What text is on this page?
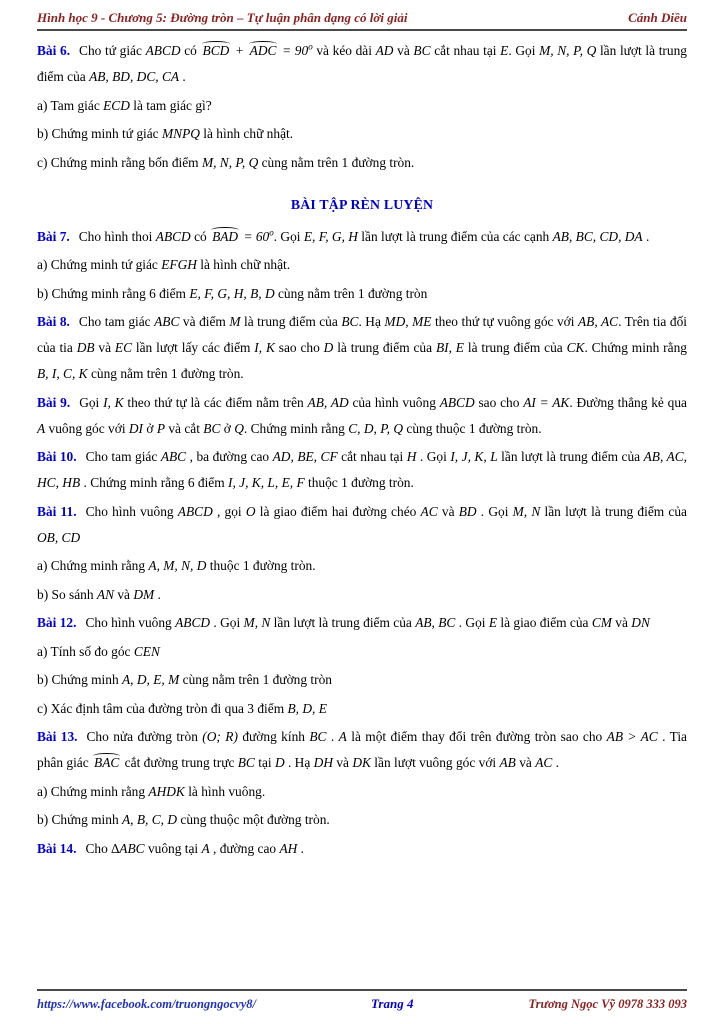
Hình học 9 - Chương 5: Đường tròn – Tự luận phân dạng có lời giải	Cánh Diều

Bài 6. Cho tứ giác ABCD có BCD + ADC = $90^o$ và kéo dài AD và BC cắt nhau tại E. Gọi M, N, P, Q lần lượt là trung điểm của AB, BD, DC, CA .

a) Tam giác ECD là tam giác gì?

b) Chứng minh tứ giác MNPQ là hình chữ nhật.

c) Chứng minh rằng bốn điểm M, N, P, Q cùng nằm trên 1 đường tròn.

BÀI TẬP RÈN LUYỆN

Bài 7. Cho hình thoi ABCD có BAD = $60^o$. Gọi E, F, G, H lần lượt là trung điểm của các cạnh AB, BC, CD, DA .

a) Chứng minh tứ giác EFGH là hình chữ nhật.

b) Chứng minh rằng 6 điểm E, F, G, H, B, D cùng nằm trên 1 đường tròn

Bài 8. Cho tam giác ABC và điểm M là trung điểm của BC. Hạ MD, ME theo thứ tự vuông góc với AB, AC. Trên tia đối của tia DB và EC lần lượt lấy các điểm I, K sao cho D là trung điểm của BI, E là trung điểm của CK. Chứng minh rằng B, I, C, K cùng nằm trên 1 đường tròn.

Bài 9. Gọi I, K theo thứ tự là các điểm nằm trên AB, AD của hình vuông ABCD sao cho AI = AK. Đường thẳng kẻ qua A vuông góc với DI ở P và cắt BC ở Q. Chứng minh rằng C, D, P, Q cùng thuộc 1 đường tròn.

Bài 10. Cho tam giác ABC , ba đường cao AD, BE, CF cắt nhau tại H . Gọi I, J, K, L lần lượt là trung điểm của AB, AC, HC, HB . Chứng minh rằng 6 điểm I, J, K, L, E, F thuộc 1 đường tròn.

Bài 11. Cho hình vuông ABCD , gọi O là giao điểm hai đường chéo AC và BD . Gọi M, N lần lượt là trung điểm của OB, CD

a) Chứng minh rằng A, M, N, D thuộc 1 đường tròn.

b) So sánh AN và DM .

Bài 12. Cho hình vuông ABCD . Gọi M, N lần lượt là trung điểm của AB, BC . Gọi E là giao điểm của CM và DN

a) Tính số đo góc CEN

b) Chứng minh A, D, E, M cùng nằm trên 1 đường tròn

c) Xác định tâm của đường tròn đi qua 3 điểm B, D, E

Bài 13. Cho nửa đường tròn (O; R) đường kính BC . A là một điểm thay đổi trên đường tròn sao cho AB > AC . Tia phân giác BAC cắt đường trung trực BC tại D . Hạ DH và DK lần lượt vuông góc với AB và AC .

a) Chứng minh rằng AHDK là hình vuông.

b) Chứng minh A, B, C, D cùng thuộc một đường tròn.

Bài 14. Cho ∆ABC vuông tại A , đường cao AH .

https://www.facebook.com/truongngocvy8/	Trang 4	Trương Ngọc Vỹ 0978 333 093
